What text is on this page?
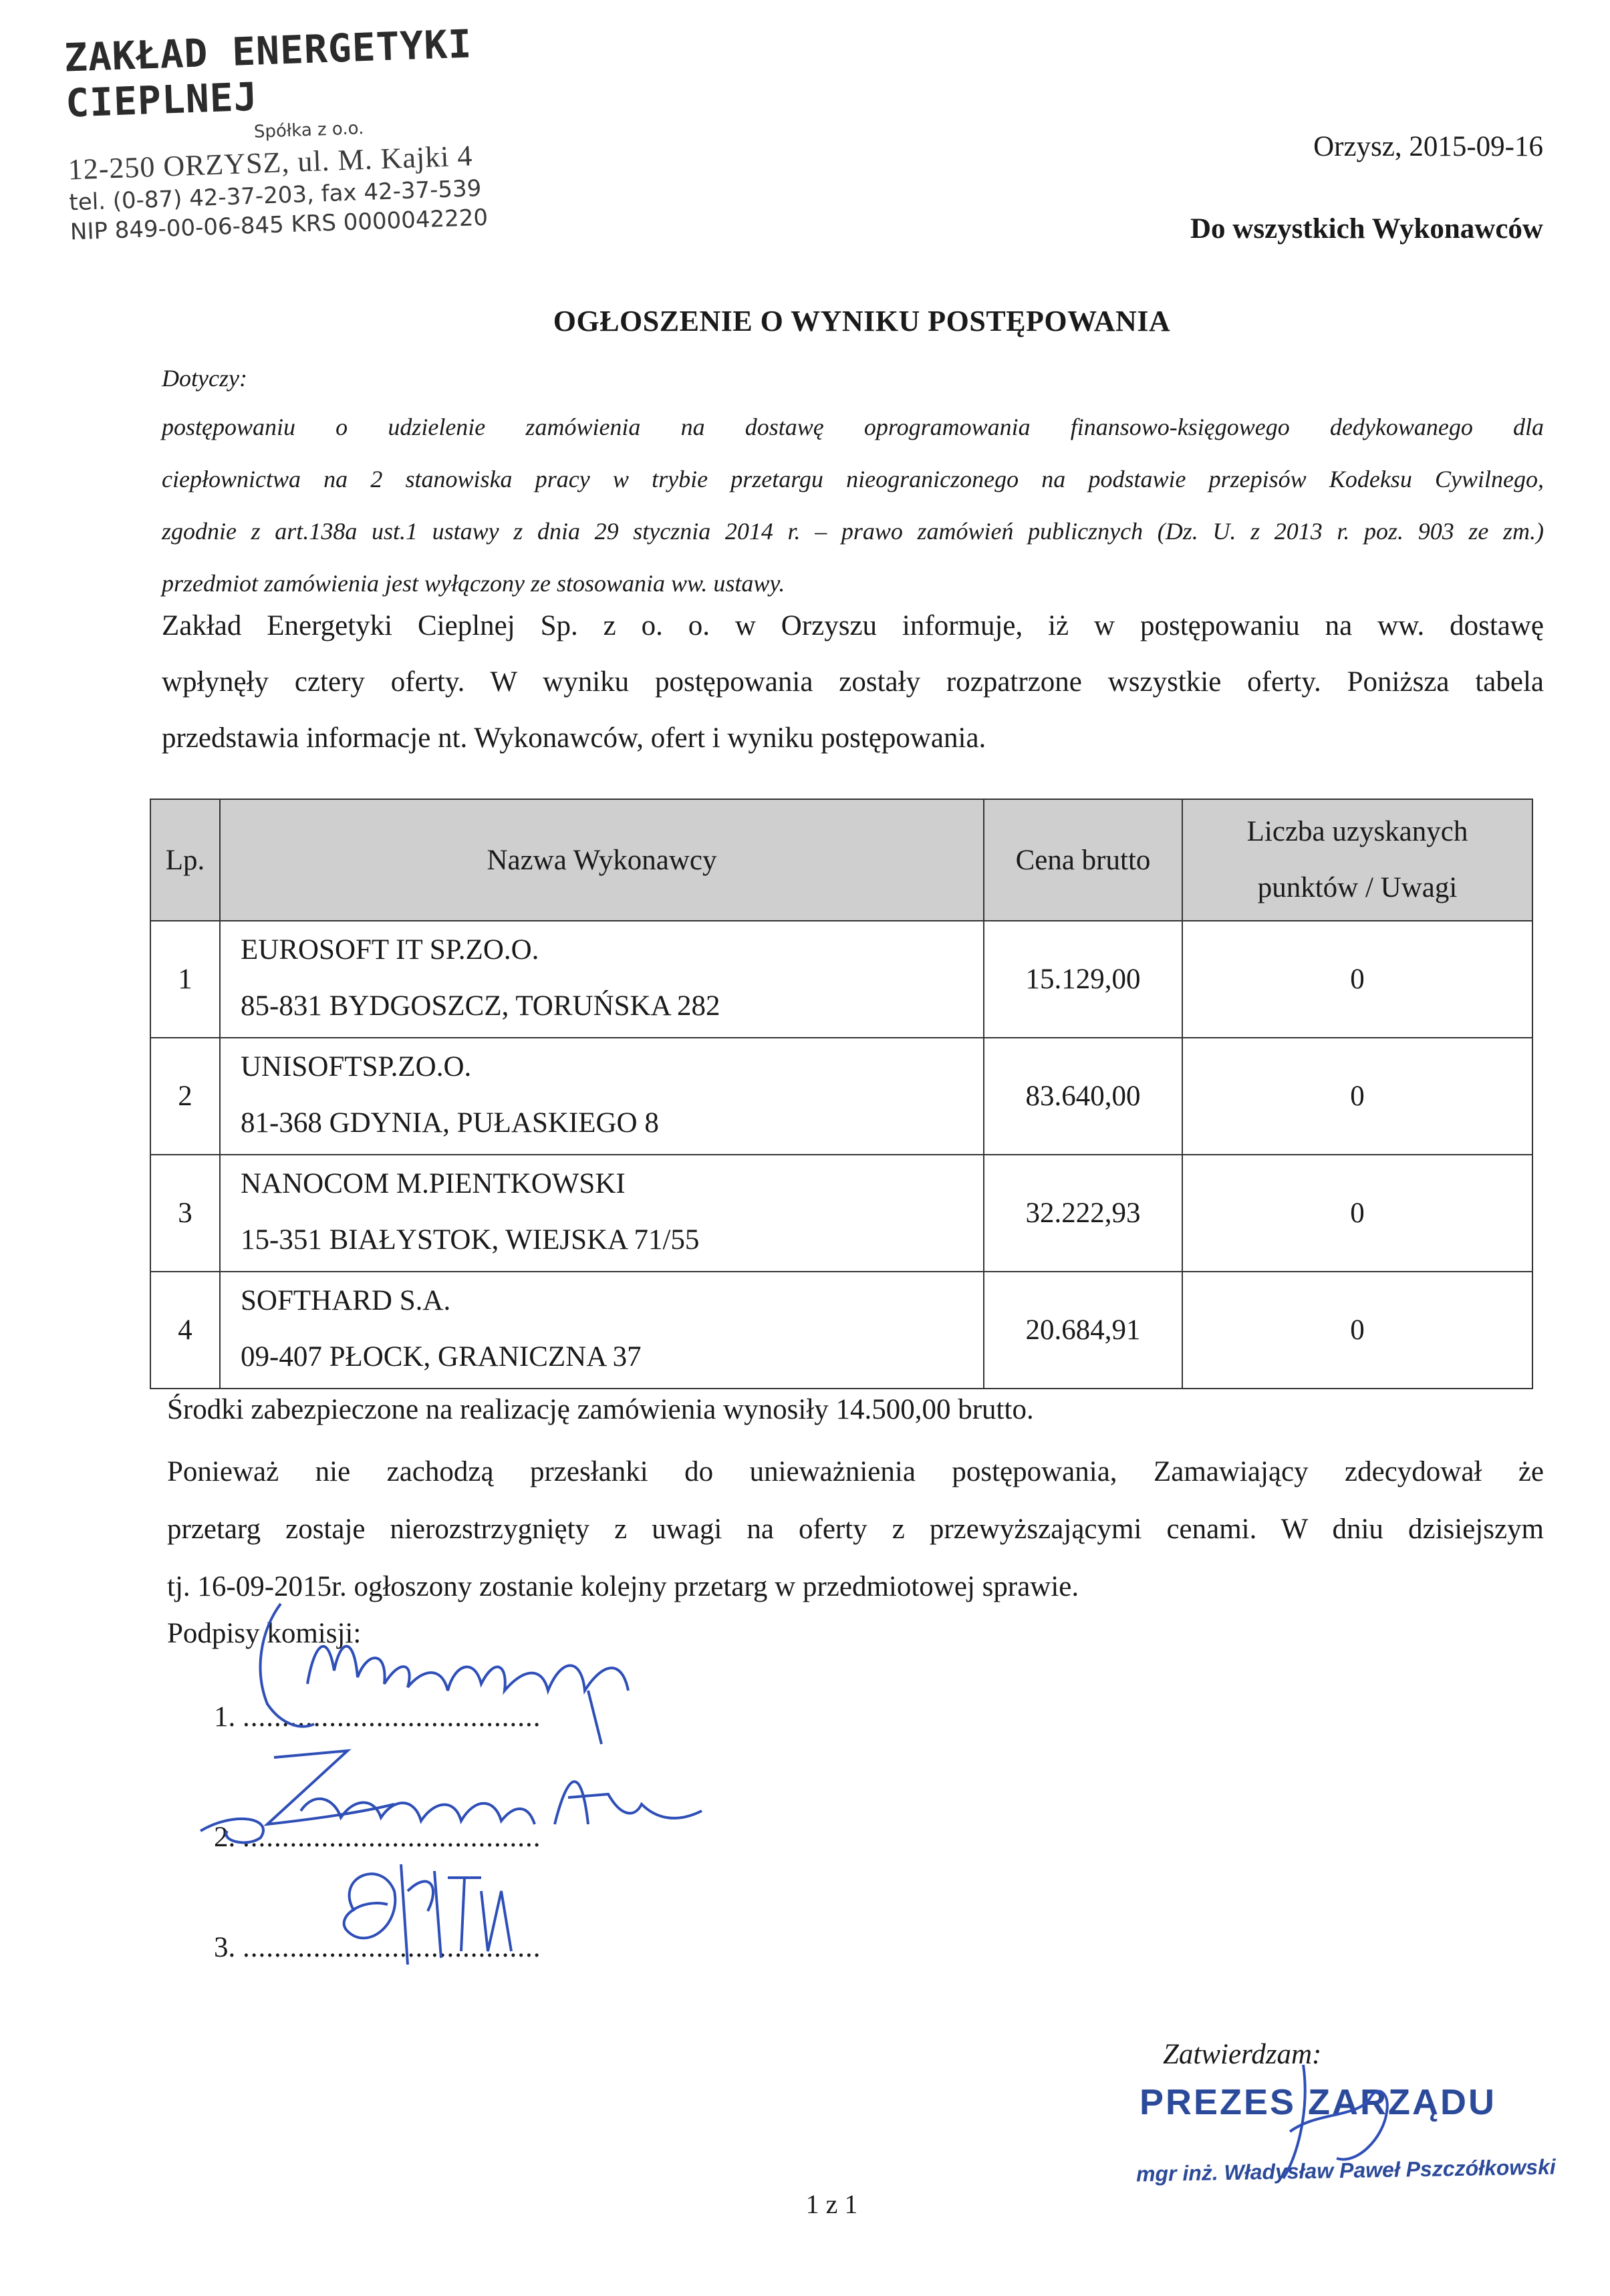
ZAKŁAD ENERGETYKI CIEPLNEJ
Spółka z o.o.
12-250 ORZYSZ, ul. M. Kajki 4
tel. (0-87) 42-37-203, fax 42-37-539
NIP 849-00-06-845 KRS 0000042220
Orzysz, 2015-09-16
Do wszystkich Wykonawców
OGŁOSZENIE O WYNIKU POSTĘPOWANIA
Dotyczy:
postępowaniu o udzielenie zamówienia na dostawę oprogramowania finansowo-księgowego dedykowanego dla
ciepłownictwa na 2 stanowiska pracy w trybie przetargu nieograniczonego na podstawie przepisów Kodeksu Cywilnego,
zgodnie z art.138a ust.1 ustawy z dnia 29 stycznia 2014 r. – prawo zamówień publicznych (Dz. U. z 2013 r. poz. 903 ze zm.)
przedmiot zamówienia jest wyłączony ze stosowania ww. ustawy.
Zakład Energetyki Cieplnej Sp. z o. o. w Orzyszu informuje, iż w postępowaniu na ww. dostawę
wpłynęły cztery oferty. W wyniku postępowania zostały rozpatrzone wszystkie oferty. Poniższa tabela
przedstawia informacje nt. Wykonawców, ofert i wyniku postępowania.
Lp.	Nazwa Wykonawcy	Cena brutto	Liczba uzyskanych
punktów / Uwagi

1	EUROSOFT IT SP.ZO.O.
85-831 BYDGOSZCZ, TORUŃSKA 282	15.129,00	0
2	UNISOFTSP.ZO.O.
81-368 GDYNIA, PUŁASKIEGO 8	83.640,00	0
3	NANOCOM M.PIENTKOWSKI
15-351 BIAŁYSTOK, WIEJSKA 71/55	32.222,93	0
4	SOFTHARD S.A.
09-407 PŁOCK, GRANICZNA 37	20.684,91	0
Środki zabezpieczone na realizację zamówienia wynosiły 14.500,00 brutto.
Ponieważ nie zachodzą przesłanki do unieważnienia postępowania, Zamawiający zdecydował że
przetarg zostaje nierozstrzygnięty z uwagi na oferty z przewyższającymi cenami. W dniu dzisiejszym
tj. 16-09-2015r. ogłoszony zostanie kolejny przetarg w przedmiotowej sprawie.
Podpisy komisji:
1. ......................................
2. ......................................
3. ......................................
Zatwierdzam:
PREZES ZARZĄDU
mgr inż. Władysław Paweł Pszczółkowski
1 z 1
